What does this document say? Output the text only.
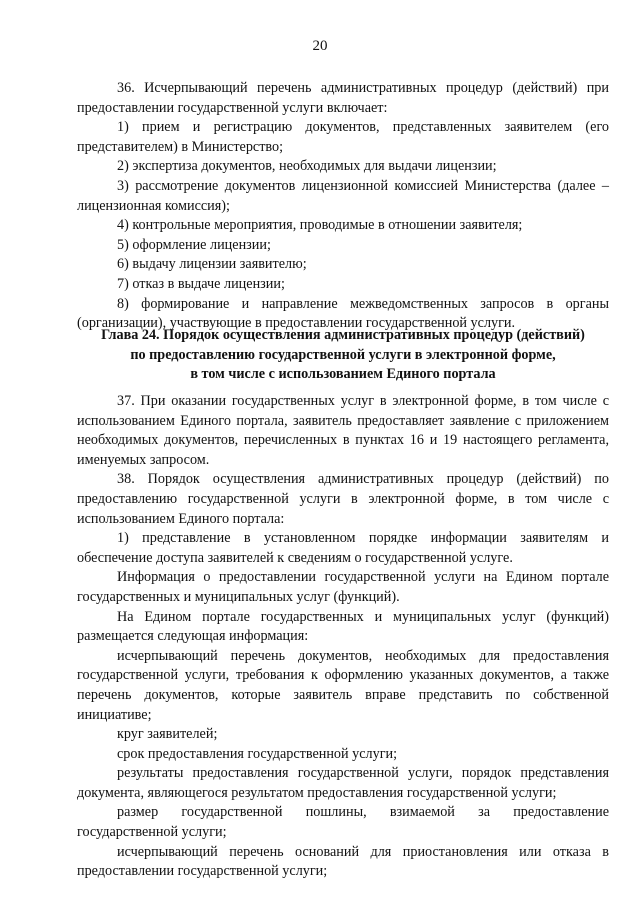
20

36. Исчерпывающий перечень административных процедур (действий) при предоставлении государственной услуги включает:

1) прием и регистрацию документов, представленных заявителем (его представителем) в Министерство;

2) экспертиза документов, необходимых для выдачи лицензии;

3) рассмотрение документов лицензионной комиссией Министерства (далее – лицензионная комиссия);

4) контрольные мероприятия, проводимые в отношении заявителя;

5) оформление лицензии;

6) выдачу лицензии заявителю;

7) отказ в выдаче лицензии;

8) формирование и направление межведомственных запросов в органы (организации), участвующие в предоставлении государственной услуги.

Глава 24. Порядок осуществления административных процедур (действий)
по предоставлению государственной услуги в электронной форме,
в том числе с использованием Единого портала

37. При оказании государственных услуг в электронной форме, в том числе с использованием Единого портала, заявитель предоставляет заявление с приложением необходимых документов, перечисленных в пунктах 16 и 19 настоящего регламента, именуемых запросом.

38. Порядок осуществления административных процедур (действий) по предоставлению государственной услуги в электронной форме, в том числе с использованием Единого портала:

1) представление в установленном порядке информации заявителям и обеспечение доступа заявителей к сведениям о государственной услуге.

Информация о предоставлении государственной услуги на Едином портале государственных и муниципальных услуг (функций).

На Едином портале государственных и муниципальных услуг (функций) размещается следующая информация:

исчерпывающий перечень документов, необходимых для предоставления государственной услуги, требования к оформлению указанных документов, а также перечень документов, которые заявитель вправе представить по собственной инициативе;

круг заявителей;

срок предоставления государственной услуги;

результаты предоставления государственной услуги, порядок представления документа, являющегося результатом предоставления государственной услуги;

размер государственной пошлины, взимаемой за предоставление государственной услуги;

исчерпывающий перечень оснований для приостановления или отказа в предоставлении государственной услуги;
